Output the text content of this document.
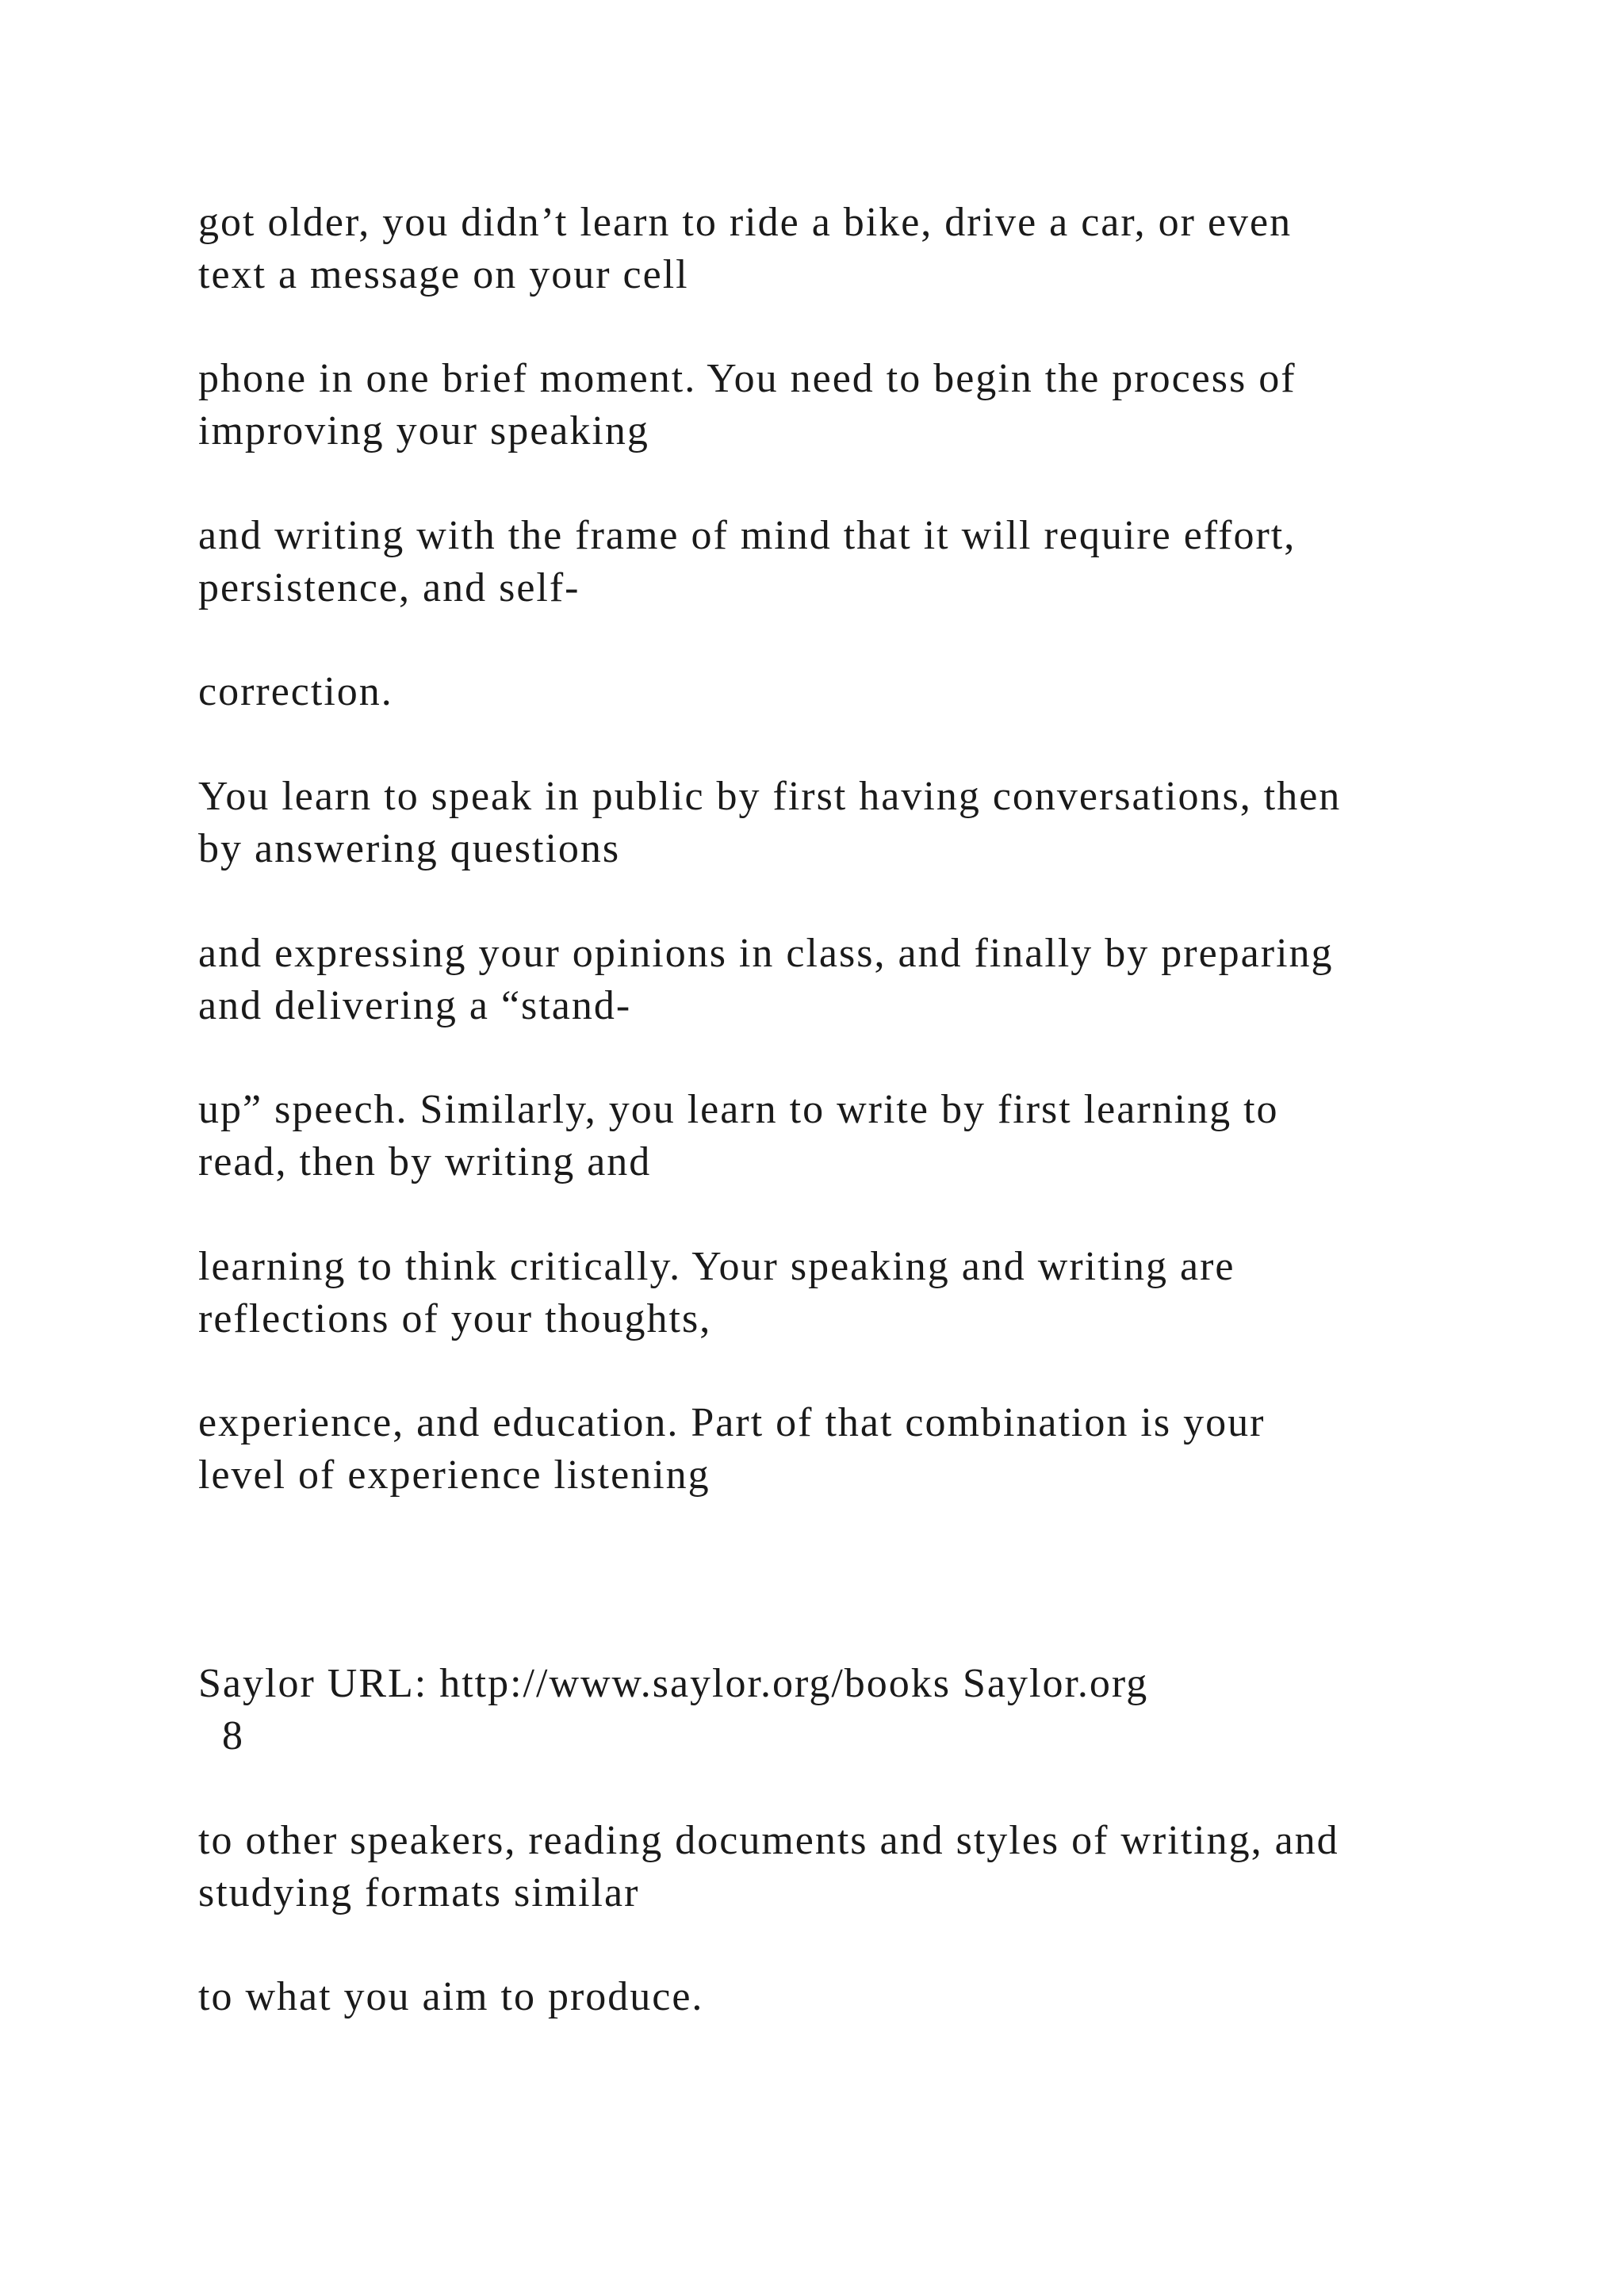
got older, you didn’t learn to ride a bike, drive a car, or even
text a message on your cell

phone in one brief moment. You need to begin the process of
improving your speaking

and writing with the frame of mind that it will require effort,
persistence, and self-

correction.

You learn to speak in public by first having conversations, then
by answering questions

and expressing your opinions in class, and finally by preparing
and delivering a “stand-

up” speech. Similarly, you learn to write by first learning to
read, then by writing and

learning to think critically. Your speaking and writing are
reflections of your thoughts,

experience, and education. Part of that combination is your
level of experience listening

Saylor URL: http://www.saylor.org/books Saylor.org
8

to other speakers, reading documents and styles of writing, and
studying formats similar

to what you aim to produce.
